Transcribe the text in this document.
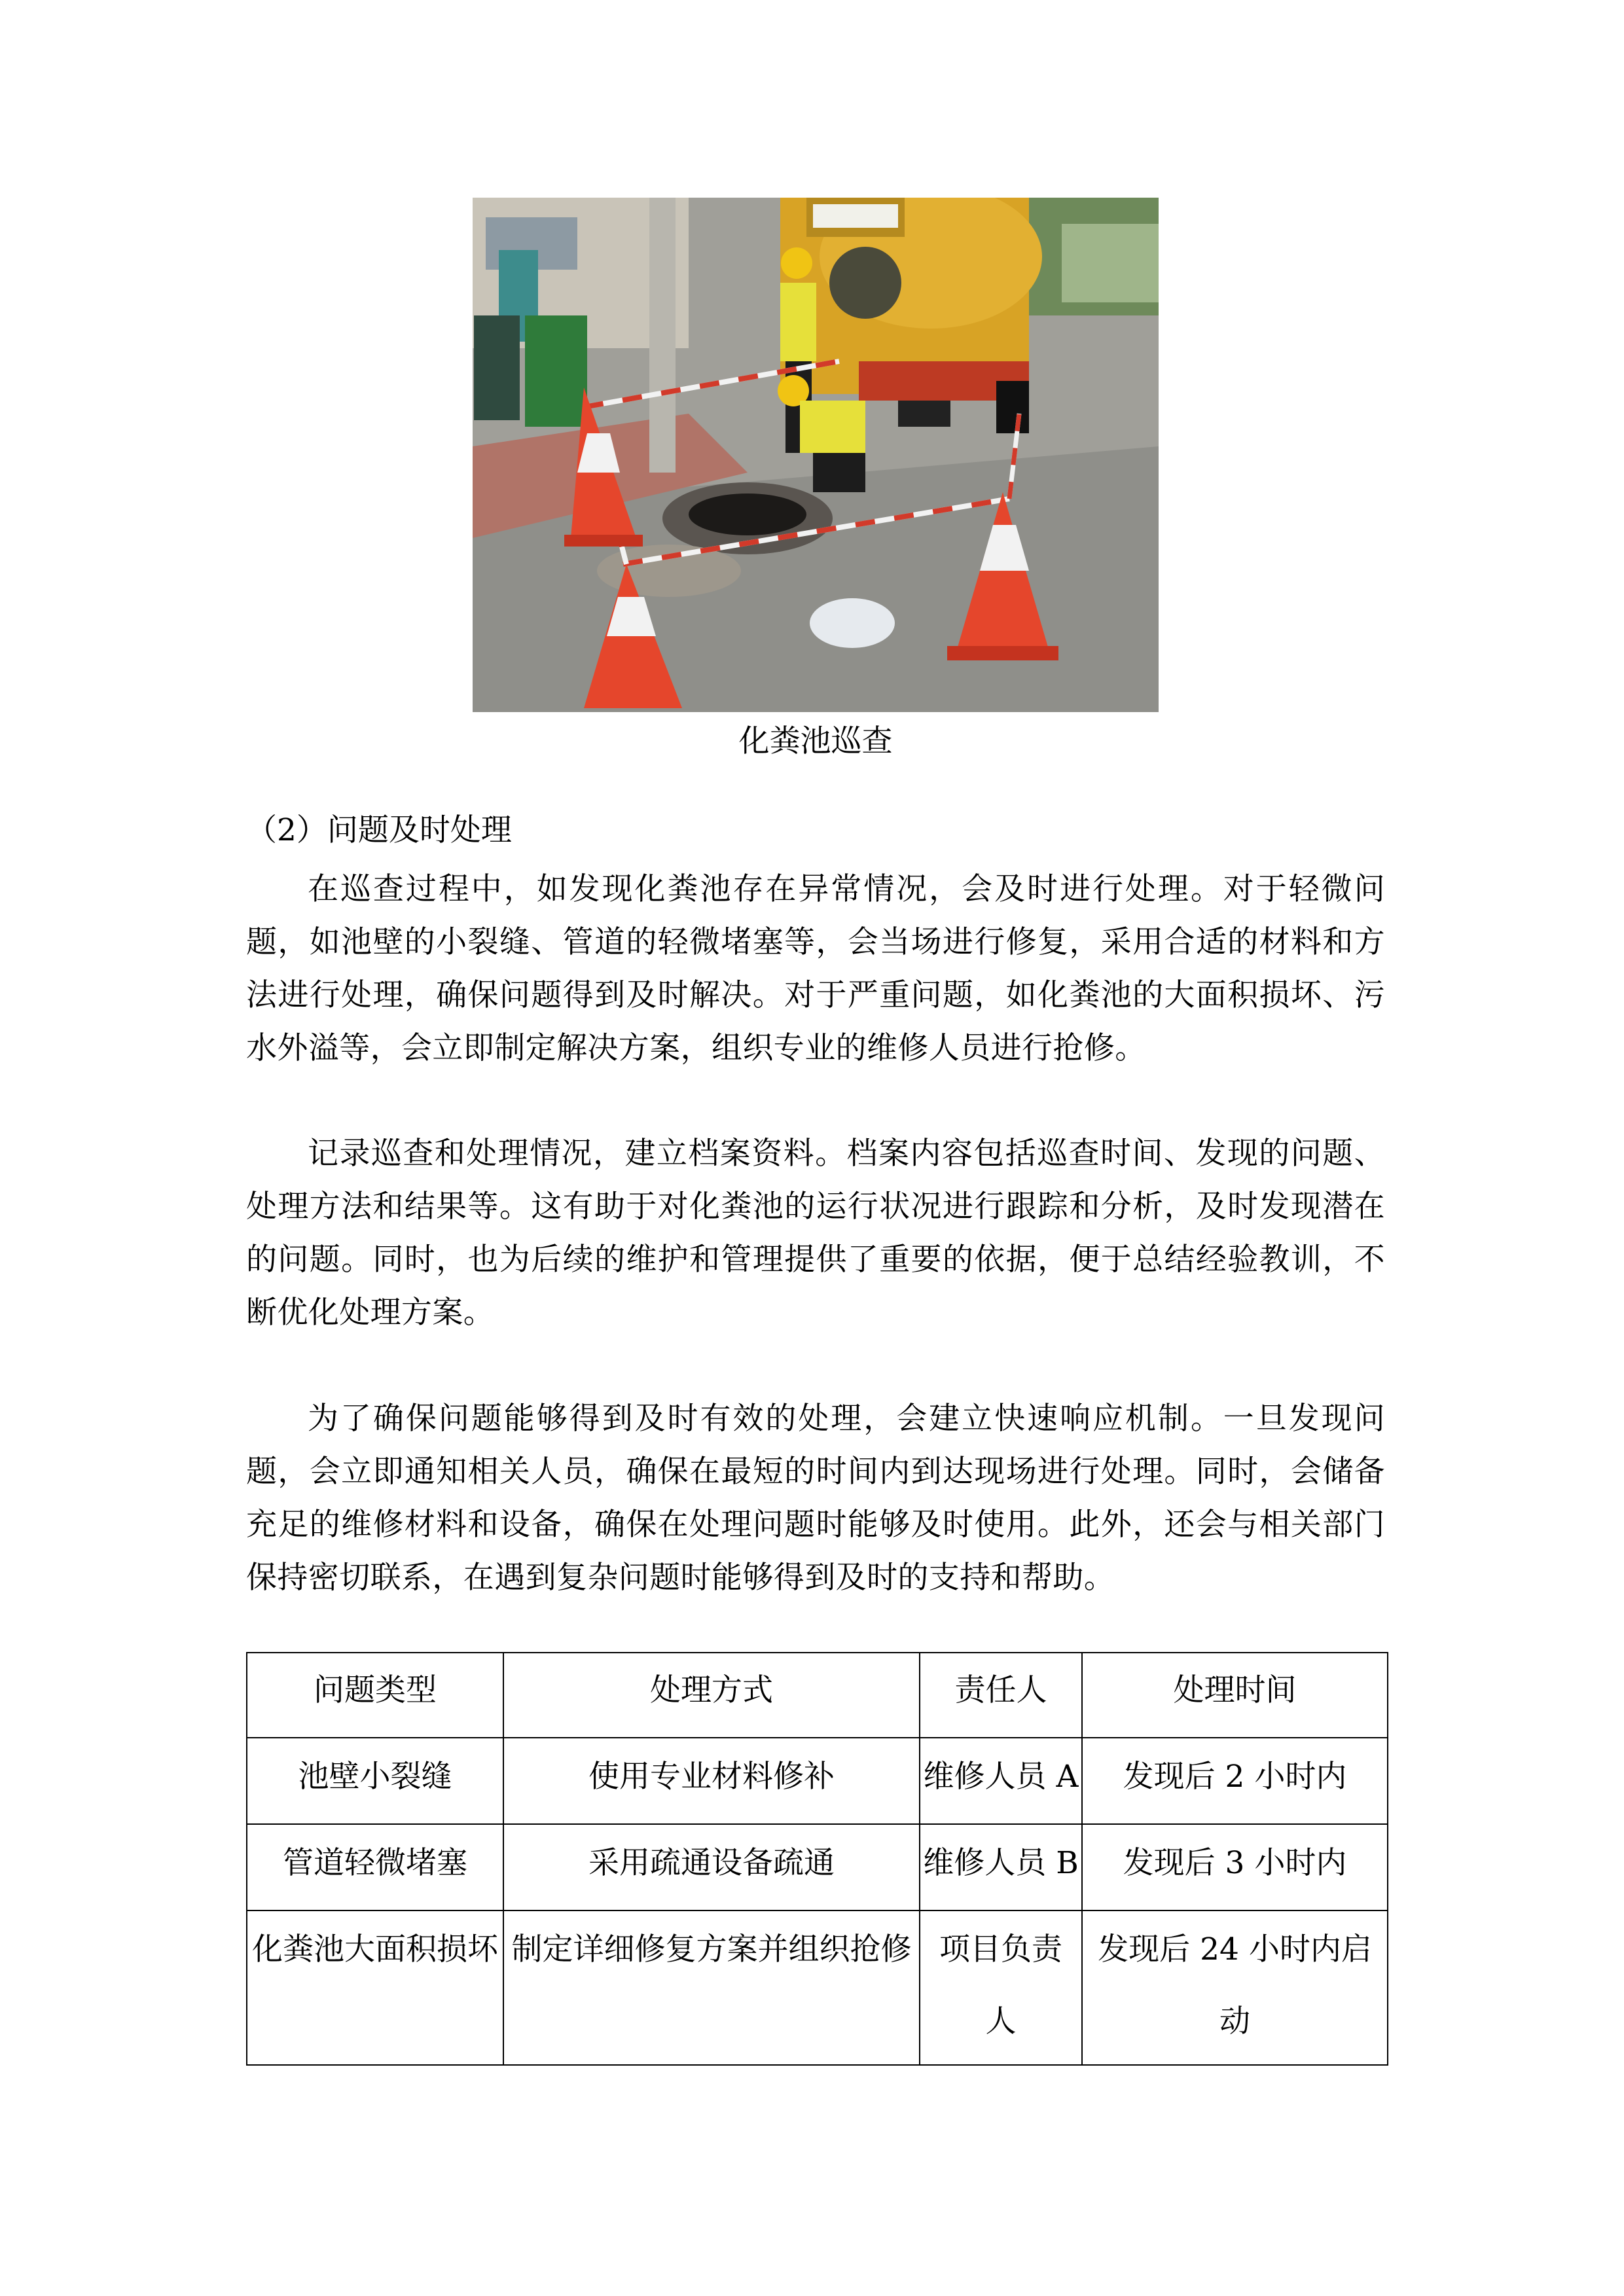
化粪池巡查
（2）问题及时处理

在巡查过程中，如发现化粪池存在异常情况，会及时进行处理。对于轻微问题，如池壁的小裂缝、管道的轻微堵塞等，会当场进行修复，采用合适的材料和方法进行处理，确保问题得到及时解决。对于严重问题，如化粪池的大面积损坏、污水外溢等，会立即制定解决方案，组织专业的维修人员进行抢修。

记录巡查和处理情况，建立档案资料。档案内容包括巡查时间、发现的问题、处理方法和结果等。这有助于对化粪池的运行状况进行跟踪和分析，及时发现潜在的问题。同时，也为后续的维护和管理提供了重要的依据，便于总结经验教训，不断优化处理方案。

为了确保问题能够得到及时有效的处理，会建立快速响应机制。一旦发现问题，会立即通知相关人员，确保在最短的时间内到达现场进行处理。同时，会储备充足的维修材料和设备，确保在处理问题时能够及时使用。此外，还会与相关部门保持密切联系，在遇到复杂问题时能够得到及时的支持和帮助。

问题类型	处理方式	责任人	处理时间
池壁小裂缝	使用专业材料修补	维修人员 A	发现后 2 小时内
管道轻微堵塞	采用疏通设备疏通	维修人员 B	发现后 3 小时内
化粪池大面积损坏	制定详细修复方案并组织抢修	项目负责人	发现后 24 小时内启动
